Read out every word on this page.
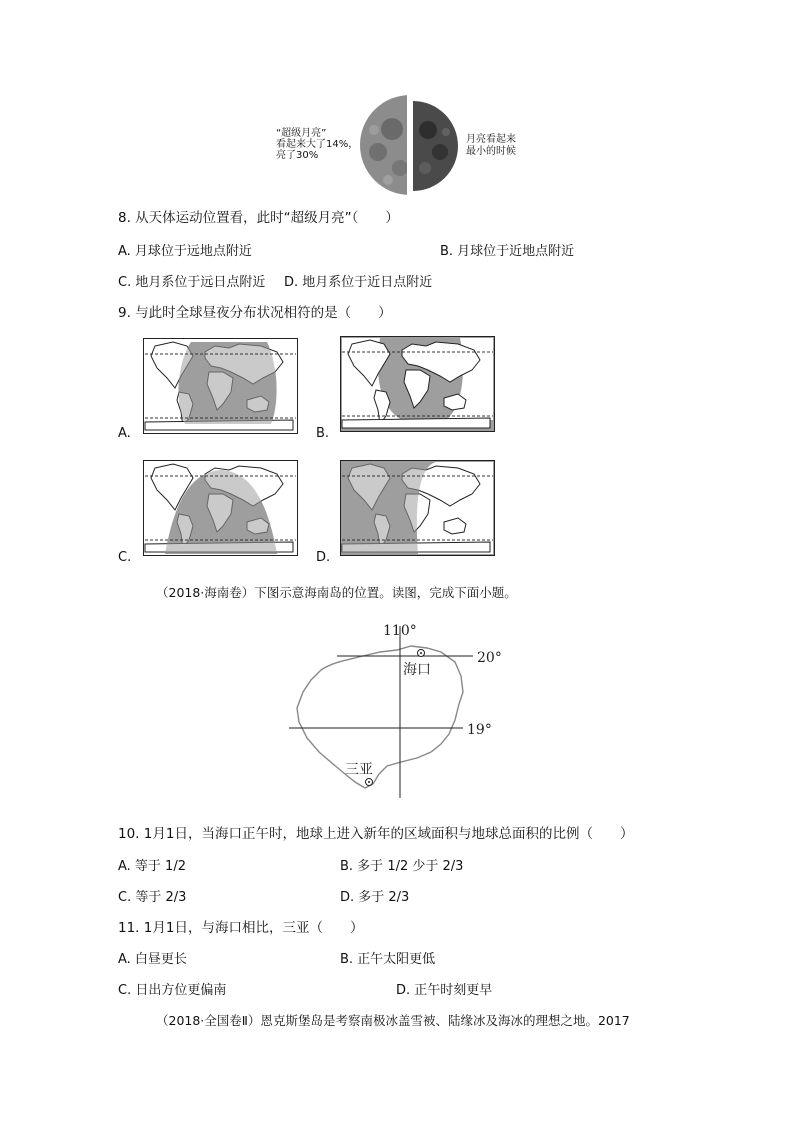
“超级月亮”
看起来大了14%，
亮了30%
月亮看起来
最小的时候
8. 从天体运动位置看，此时“超级月亮”（　　）
A. 月球位于远地点附近	B. 月球位于近地点附近
C. 地月系位于远日点附近 D. 地月系位于近日点附近
9. 与此时全球昼夜分布状况相符的是（　　）
A.	B.
C.	D.
（2018·海南卷）下图示意海南岛的位置。读图，完成下面小题。
110°
20°
19°
海口
三亚
10. 1月1日，当海口正午时，地球上进入新年的区域面积与地球总面积的比例（　　）
A. 等于 1/2	B. 多于 1/2 少于 2/3
C. 等于 2/3	D. 多于 2/3
11. 1月1日，与海口相比，三亚（　　）
A. 白昼更长	B. 正午太阳更低
C. 日出方位更偏南	D. 正午时刻更早
（2018·全国卷Ⅱ）恩克斯堡岛是考察南极冰盖雪被、陆缘冰及海冰的理想之地。2017
